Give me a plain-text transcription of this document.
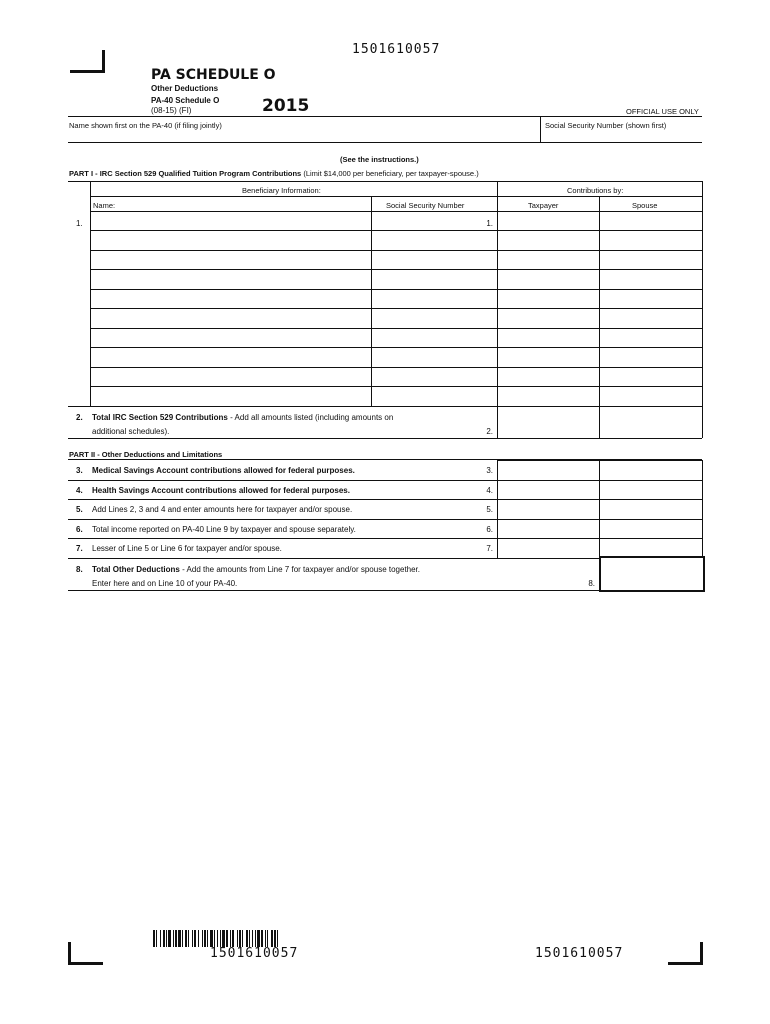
1501610057
PA SCHEDULE O
Other Deductions
PA-40 Schedule O
(08-15) (FI)	2015	OFFICIAL USE ONLY
Name shown first on the PA-40 (if filing jointly)	Social Security Number (shown first)
(See the instructions.)
PART I - IRC Section 529 Qualified Tuition Program Contributions (Limit $14,000 per beneficiary, per taxpayer-spouse.)
Beneficiary Information:	Contributions by:
Name:	Social Security Number	Taxpayer	Spouse
1.	1.
2. Total IRC Section 529 Contributions - Add all amounts listed (including amounts on
additional schedules).	2.
PART II - Other Deductions and Limitations
3. Medical Savings Account contributions allowed for federal purposes.	3.
4. Health Savings Account contributions allowed for federal purposes.	4.
5. Add Lines 2, 3 and 4 and enter amounts here for taxpayer and/or spouse.	5.
6. Total income reported on PA-40 Line 9 by taxpayer and spouse separately.	6.
7. Lesser of Line 5 or Line 6 for taxpayer and/or spouse.	7.
8. Total Other Deductions - Add the amounts from Line 7 for taxpayer and/or spouse together.
Enter here and on Line 10 of your PA-40.	8.
1501610057	1501610057
